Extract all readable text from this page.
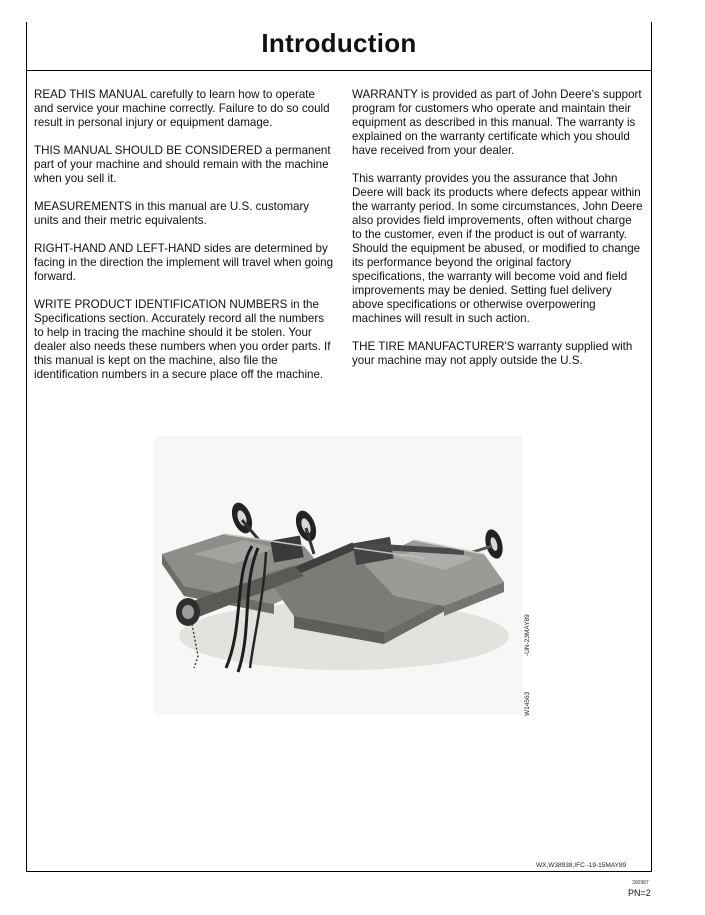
Introduction

READ THIS MANUAL carefully to learn how to operate and service your machine correctly. Failure to do so could result in personal injury or equipment damage.

THIS MANUAL SHOULD BE CONSIDERED a permanent part of your machine and should remain with the machine when you sell it.

MEASUREMENTS in this manual are U.S. customary units and their metric equivalents.

RIGHT-HAND AND LEFT-HAND sides are determined by facing in the direction the implement will travel when going forward.

WRITE PRODUCT IDENTIFICATION NUMBERS in the Specifications section. Accurately record all the numbers to help in tracing the machine should it be stolen. Your dealer also needs these numbers when you order parts. If this manual is kept on the machine, also file the identification numbers in a secure place off the machine.

WARRANTY is provided as part of John Deere's support program for customers who operate and maintain their equipment as described in this manual. The warranty is explained on the warranty certificate which you should have received from your dealer.

This warranty provides you the assurance that John Deere will back its products where defects appear within the warranty period. In some circumstances, John Deere also provides field improvements, often without charge to the customer, even if the product is out of warranty. Should the equipment be abused, or modified to change its performance beyond the original factory specifications, the warranty will become void and field improvements may be denied. Setting fuel delivery above specifications or otherwise overpowering machines will result in such action.

THE TIRE MANUFACTURER'S warranty supplied with your machine may not apply outside the U.S.

W14563
-UN-23MAY89
WX,W38938,IFC -19-15MAY89
300987
PN=2
